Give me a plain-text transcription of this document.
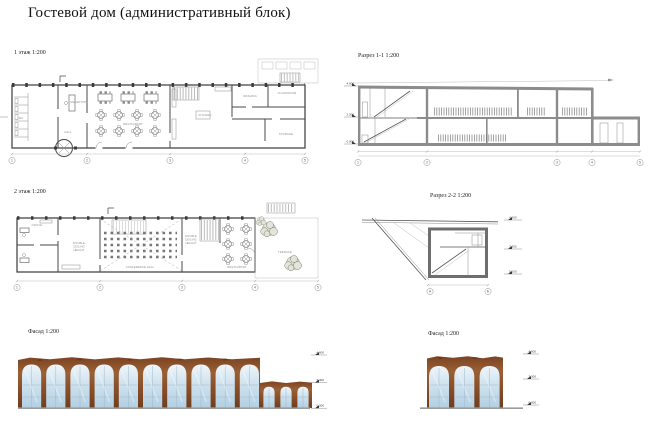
Гостевой дом (административный блок)
1 этаж 1:200	Разрез 1-1 1:200
2 этаж 1:200
Разрез 2-2 1:200
Фасад 1:200	Фасад 1:200
WC
RECEPTION
HALL
RESTAURANT
KITCHEN
WASHING
CLOAKROOM
STORAGE
1	2	3	4	5
4.600
3.300
0.000
1	2	3	4	5
OFFICE
DOUBLE
CEILING
HEIGHT
DOUBLE
CEILING
HEIGHT
CONFERENCE HALL	RESTAURANT
TERRACE
1	2	3	4	5
4.600
3.300
0.000
А	Б
4.600
3.300
0.000
4.600
3.300
0.000
